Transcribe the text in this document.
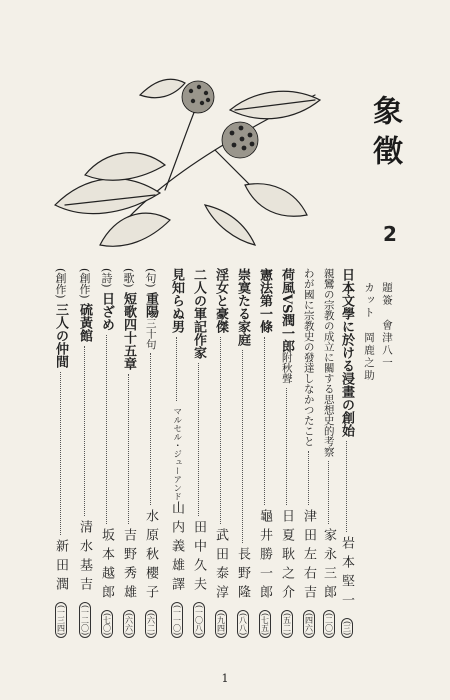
象徵
2
題簽　會津八一
カット　岡鹿之助
日本文學に於ける浸畫の創始
岩本堅一
(三)
親鸞の宗教の成立に關する思想史的考察
家永三郎
(二〇)
わが國に宗教史の發達しなかつたこと
津田左右吉
(四六)
荷風VS潤一郎
附秋聲
日夏耿之介
(五二)
憲法第一條
龜井勝一郎
(七五)
崇寞たる家庭
長野隆
(八八)
淫女と豪傑
武田泰淳
(九四)
二人の軍記作家
田中久夫
(一〇八)
見知らぬ男
マルセル・ジューアンド
山内義雄譯
(一一〇)
(句)
重陽
三十句
水原秋櫻子
(六二)
(歌)
短歌四十五章
吉野秀雄
(六六)
(詩)
日ざめ
坂本越郎
(七〇)
(創作)
硫黃館
清水基吉
(一二〇)
(創作)
三人の仲間
新田潤
(一三四)
1
